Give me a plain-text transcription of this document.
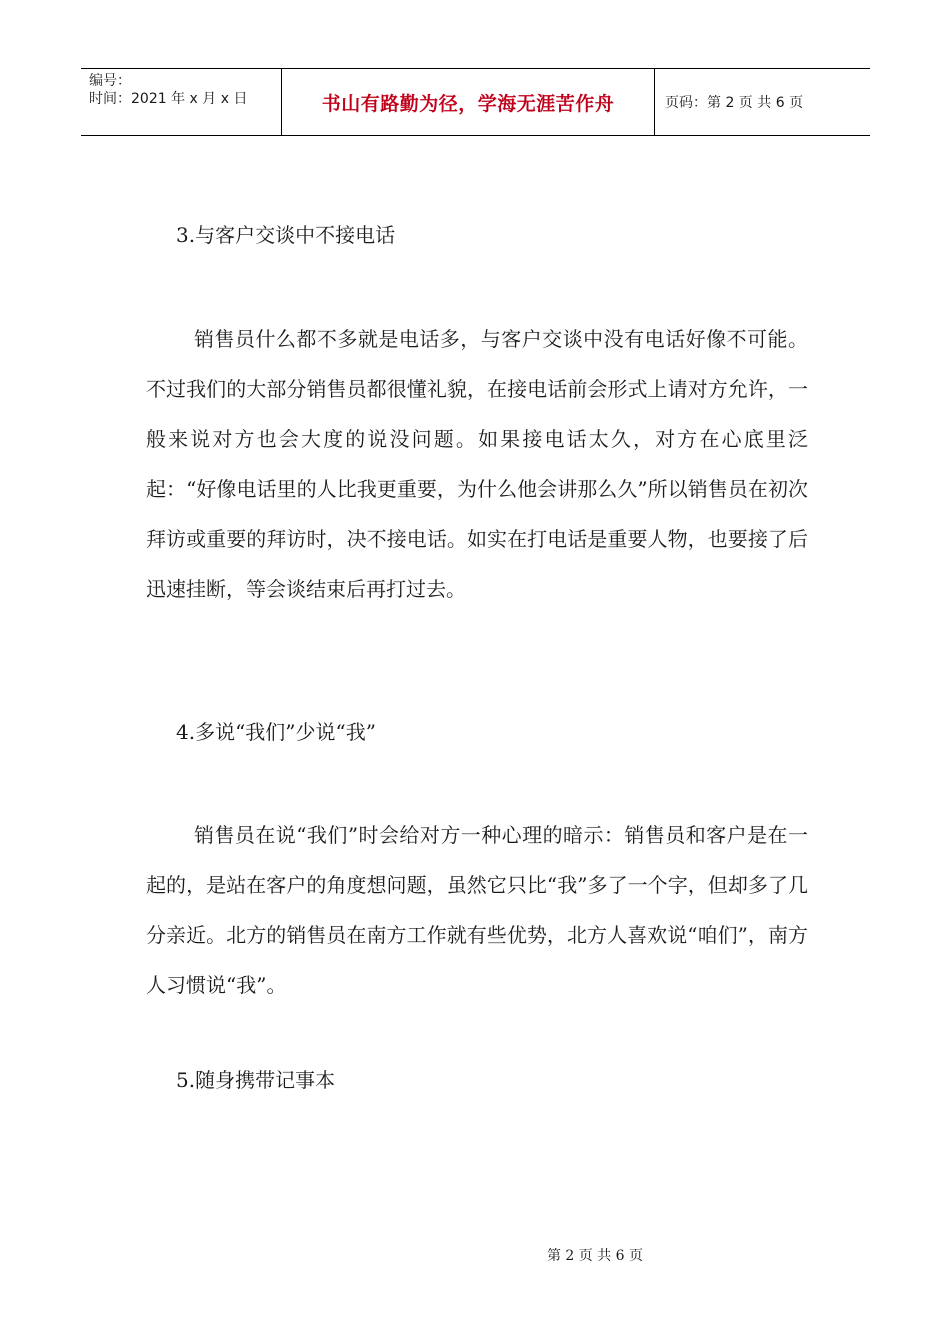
编号：
时间：2021 年 x 月 x 日	书山有路勤为径，学海无涯苦作舟	页码：第 2 页 共 6 页
3.与客户交谈中不接电话
销售员什么都不多就是电话多，与客户交谈中没有电话好像不可能。不过我们的大部分销售员都很懂礼貌，在接电话前会形式上请对方允许，一般来说对方也会大度的说没问题。如果接电话太久，对方在心底里泛起：“好像电话里的人比我更重要，为什么他会讲那么久”所以销售员在初次拜访或重要的拜访时，决不接电话。如实在打电话是重要人物，也要接了后迅速挂断，等会谈结束后再打过去。
4.多说“我们”少说“我”
销售员在说“我们”时会给对方一种心理的暗示：销售员和客户是在一起的，是站在客户的角度想问题，虽然它只比“我”多了一个字，但却多了几分亲近。北方的销售员在南方工作就有些优势，北方人喜欢说“咱们”，南方人习惯说“我”。
5.随身携带记事本
第 2 页 共 6 页
